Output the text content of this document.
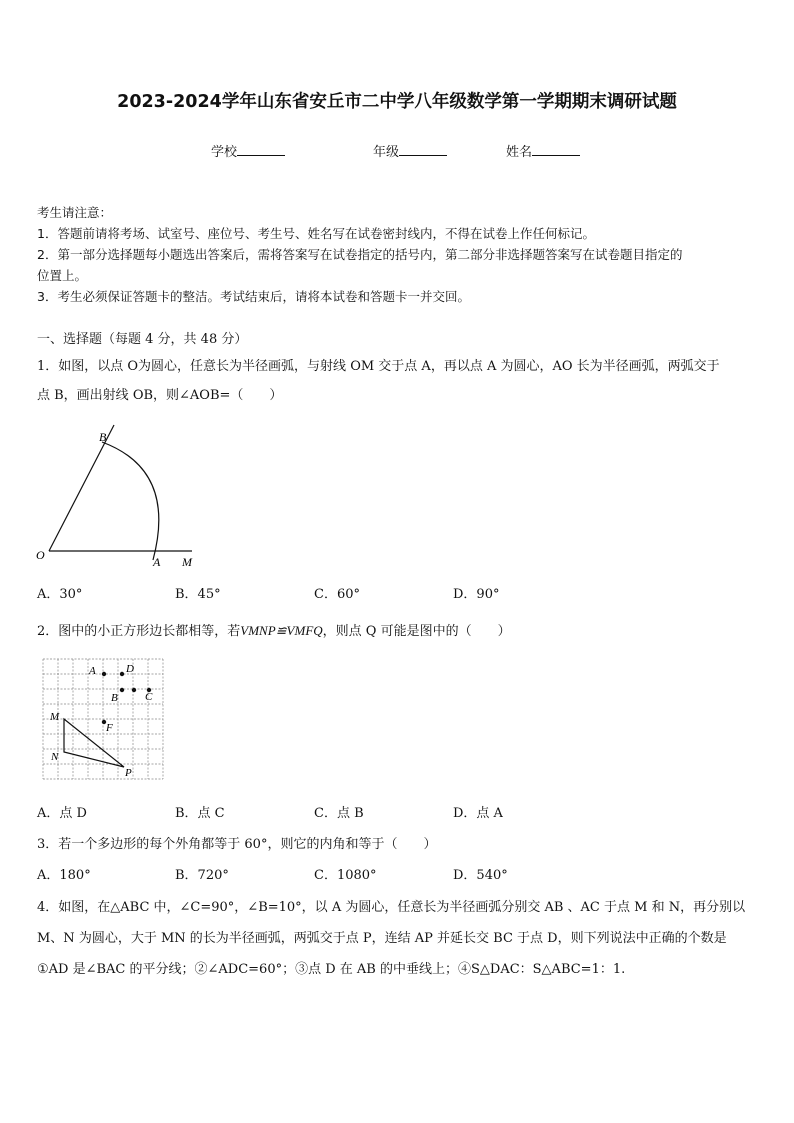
2023-2024学年山东省安丘市二中学八年级数学第一学期期末调研试题
学校	年级	姓名
考生请注意：
1．答题前请将考场、试室号、座位号、考生号、姓名写在试卷密封线内，不得在试卷上作任何标记。
2．第一部分选择题每小题选出答案后，需将答案写在试卷指定的括号内，第二部分非选择题答案写在试卷题目指定的
位置上。
3．考生必须保证答题卡的整洁。考试结束后，请将本试卷和答题卡一并交回。
一、选择题（每题 4 分，共 48 分）
1．如图，以点 O为圆心，任意长为半径画弧，与射线 OM 交于点 A，再以点 A 为圆心，AO 长为半径画弧，两弧交于
点 B，画出射线 OB，则∠AOB=（　　）
B
O	A M
A．30°	B．45°	C．60°	D．90°
2．图中的小正方形边长都相等，若VMNP≌VMFQ，则点 Q 可能是图中的（　　）
A	D
B C
M
F
N
P
A．点 D	B．点 C	C．点 B	D．点 A
3．若一个多边形的每个外角都等于 60°，则它的内角和等于（　　）
A．180°	B．720°	C．1080°	D．540°
4．如图，在△ABC 中，∠C=90°，∠B=10°，以 A 为圆心，任意长为半径画弧分别交 AB 、AC 于点 M 和 N，再分别以
M、N 为圆心，大于 MN 的长为半径画弧，两弧交于点 P，连结 AP 并延长交 BC 于点 D，则下列说法中正确的个数是
①AD 是∠BAC 的平分线；②∠ADC=60°；③点 D 在 AB 的中垂线上；④S△DAC：S△ABC=1：1.
